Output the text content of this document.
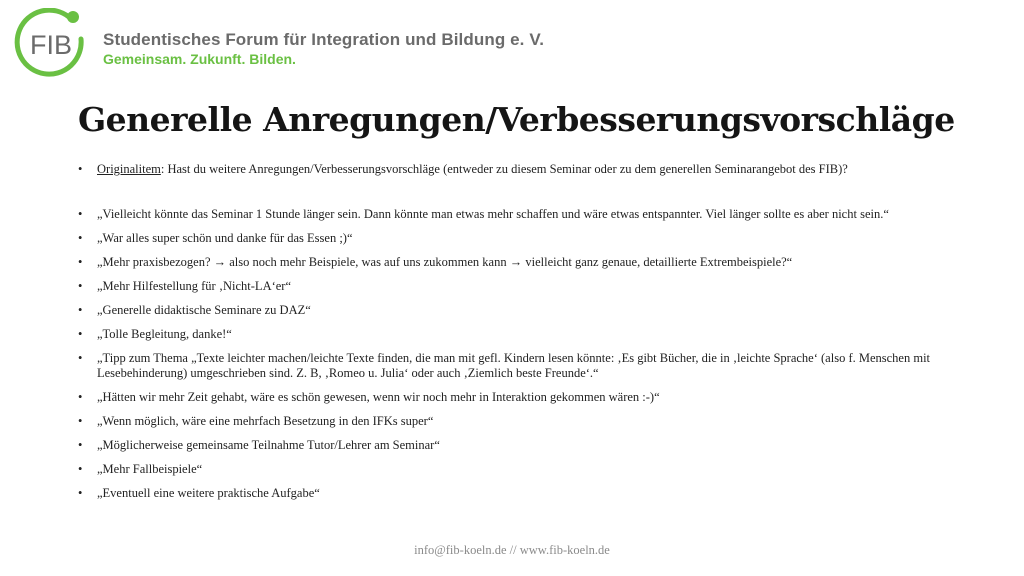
FIB Studentisches Forum für Integration und Bildung e. V.
Gemeinsam. Zukunft. Bilden.
Generelle Anregungen/Verbesserungsvorschläge
• Originalitem: Hast du weitere Anregungen/Verbesserungsvorschläge (entweder zu diesem Seminar oder zu dem generellen Seminarangebot des FIB)?
• „Vielleicht könnte das Seminar 1 Stunde länger sein. Dann könnte man etwas mehr schaffen und wäre etwas entspannter. Viel länger sollte es aber nicht sein.“
• „War alles super schön und danke für das Essen ;)“
• „Mehr praxisbezogen? → also noch mehr Beispiele, was auf uns zukommen kann → vielleicht ganz genaue, detaillierte Extrembeispiele?“
• „Mehr Hilfestellung für ‚Nicht-LA‘er“
• „Generelle didaktische Seminare zu DAZ“
• „Tolle Begleitung, danke!“
• „Tipp zum Thema „Texte leichter machen/leichte Texte finden, die man mit gefl. Kindern lesen könnte: ‚Es gibt Bücher, die in ‚leichte Sprache‘ (also f. Menschen mit Lesebehinderung) umgeschrieben sind. Z. B, ‚Romeo u. Julia‘ oder auch ‚Ziemlich beste Freunde‘.“
• „Hätten wir mehr Zeit gehabt, wäre es schön gewesen, wenn wir noch mehr in Interaktion gekommen wären :-)“
• „Wenn möglich, wäre eine mehrfach Besetzung in den IFKs super“
• „Möglicherweise gemeinsame Teilnahme Tutor/Lehrer am Seminar“
• „Mehr Fallbeispiele“
• „Eventuell eine weitere praktische Aufgabe“
info@fib-koeln.de // www.fib-koeln.de
